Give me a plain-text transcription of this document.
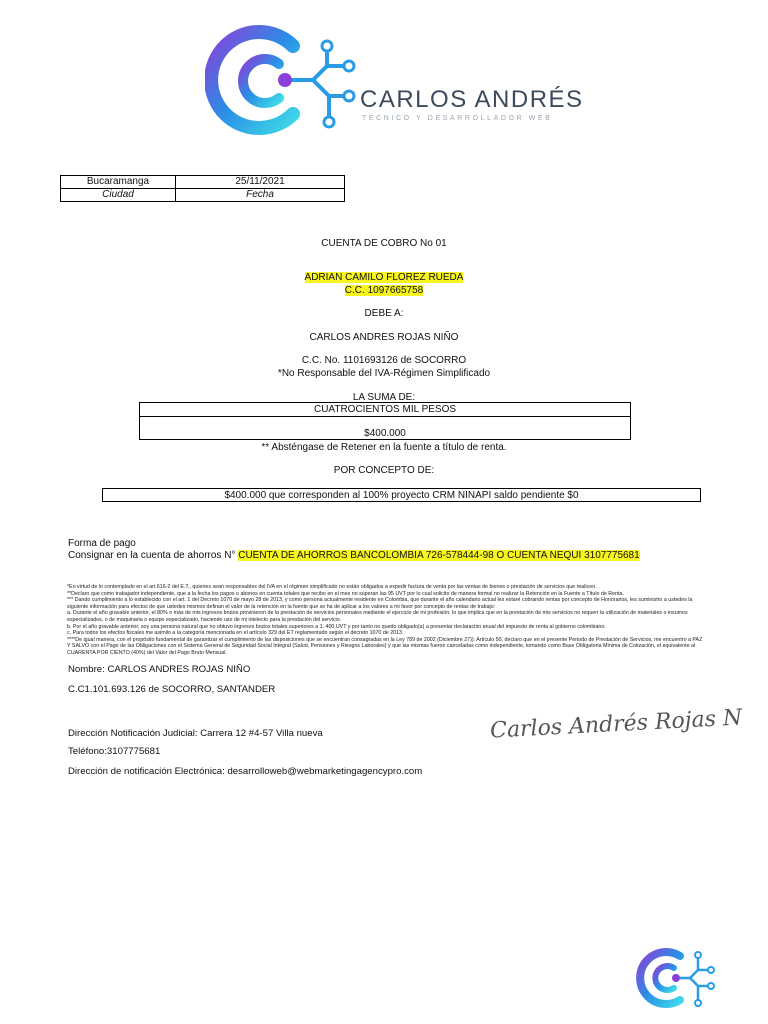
CARLOS ANDRÉS
TECNICO Y DESARROLLADOR WEB
Bucaramanga	25/11/2021
Ciudad	Fecha
CUENTA DE COBRO No 01
ADRIAN CAMILO FLOREZ RUEDA
C.C. 1097665758
DEBE A:
CARLOS ANDRES ROJAS NIÑO
C.C. No. 1101693126 de SOCORRO
*No Responsable del IVA-Régimen Simplificado
LA SUMA DE:
CUATROCIENTOS MIL PESOS
$400.000
** Absténgase de Retener en la fuente a título de renta.
POR CONCEPTO DE:
$400.000 que corresponden al 100% proyecto CRM NINAPI saldo pendiente $0
Forma de pago
Consignar en la cuenta de ahorros N° CUENTA DE AHORROS BANCOLOMBIA 726-578444-98 O CUENTA NEQUI 3107775681

*En virtud de lo contemplado en el art.616-2 del E.T., quienes sean responsables del IVA en el régimen simplificado no están obligados a expedir factura de venta por las ventas de bienes o prestación de servicios que realicen.

**Declaro que como trabajador independiente, que a la fecha los pagos o abonos en cuenta totales que recibo en el mes no superan las 95 UVT por lo cual solicito de manera formal no realizar la Retención en la Fuente a Título de Renta.

*** Dando cumplimiento a lo establecido con el art. 1 del Decreto 1070 de mayo 28 de 2013, y como persona actualmente residente en Colombia, que durante el año calendario actual les estaré cobrando rentas por concepto de Honorarios, les suministro a ustedes la siguiente información para efectos de que ustedes mismos definan el valor de la retención en la fuente que se ha de aplicar a los valores a mi favor por concepto de rentas de trabajo:

a. Durante el año gravable anterior, el 80% o más de mis ingresos brutos provinieron de la prestación de servicios personales mediante el ejercicio de mi profesión, lo que implica que en la prestación de mis servicios no requerí la utilización de materiales o insumos especializados, o de maquinaria o equipo especializado, haciendo uso de mi intelecto para la prestación del servicio.

b. Por el año gravable anterior, soy una persona natural que no obtuvo ingresos brutos totales superiores a 1. 400 UVT y por tanto no quedo obligado(a) a presentar declaración anual del impuesto de renta al gobierno colombiano.

c. Para todos los efectos fiscales me asimilo a la categoría mencionada en el artículo 329 del ET reglamentado según el decreto 1070 de 2013.

****De igual manera, con el propósito fundamental de garantizar el cumplimiento de las disposiciones que se encuentran consagradas en la Ley 789 de 2002 (Diciembre 27)): Artículo 50, declaro que en el presente Periodo de Prestación de Servicios, me encuentro a PAZ Y SALVO con el Pago de las Obligaciones con el Sistema General de Seguridad Social Integral (Salud, Pensiones y Riesgos Laborales) y que las mismas fueron canceladas como independiente, tomando como Base Obligatoria Mínima de Cotización, el equivalente al CUARENTA POR CIENTO (40%) del Valor del Pago Bruto Mensual.

Nombre: CARLOS ANDRES ROJAS NIÑO
C.C1.101.693.126 de SOCORRO, SANTANDER
Dirección Notificación Judicial: Carrera 12 #4-57 Villa nueva
Teléfono:3107775681
Dirección de notificación Electrónica: desarrolloweb@webmarketingagencypro.com
Carlos Andrés Rojas N
